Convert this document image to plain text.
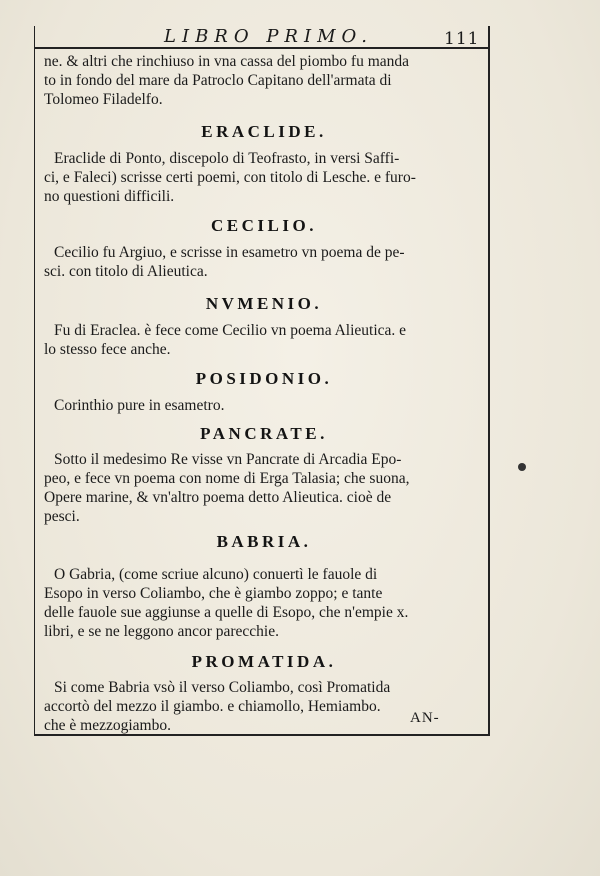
LIBRO PRIMO.	111

ne. & altri che rinchiuso in vna cassa del piombo fu manda
to in fondo del mare da Patroclo Capitano dell'armata di
Tolomeo Filadelfo.

ERACLIDE.

Eraclide di Ponto, discepolo di Teofrasto, in versi Saffi-
ci, e Faleci) scrisse certi poemi, con titolo di Lesche. e furo-
no questioni difficili.

CECILIO.

Cecilio fu Argiuo, e scrisse in esametro vn poema de pe-
sci. con titolo di Alieutica.

NVMENIO.

Fu di Eraclea. è fece come Cecilio vn poema Alieutica. e
lo stesso fece anche.

POSIDONIO.

Corinthio pure in esametro.

PANCRATE.

Sotto il medesimo Re visse vn Pancrate di Arcadia Epo-
peo, e fece vn poema con nome di Erga Talasia; che suona,
Opere marine, & vn'altro poema detto Alieutica. cioè de
pesci.

BABRIA.

O Gabria, (come scriue alcuno) conuertì le fauole di
Esopo in verso Coliambo, che è giambo zoppo; e tante
delle fauole sue aggiunse a quelle di Esopo, che n'empie x.
libri, e se ne leggono ancor parecchie.

PROMATIDA.

Si come Babria vsò il verso Coliambo, così Promatida
accortò del mezzo il giambo. e chiamollo, Hemiambo.
che è mezzogiambo.	AN-
